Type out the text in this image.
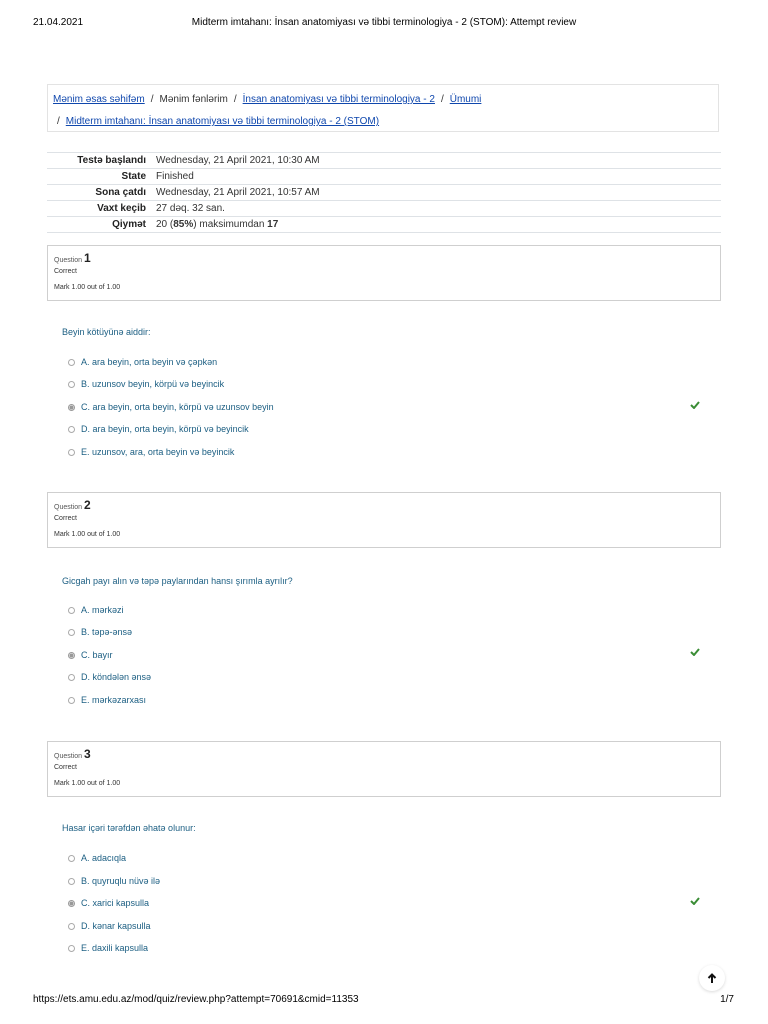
21.04.2021	Midterm imtahanı: İnsan anatomiyası və tibbi terminologiya - 2 (STOM): Attempt review
Mənim əsas səhifəm / Mənim fənlərim / İnsan anatomiyası və tibbi terminologiya - 2 / Ümumi
/ Midterm imtahanı: İnsan anatomiyası və tibbi terminologiya - 2 (STOM)
Testə başlandı	Wednesday, 21 April 2021, 10:30 AM
State	Finished
Sona çatdı	Wednesday, 21 April 2021, 10:57 AM
Vaxt keçib	27 dəq. 32 san.
Qiymət	20 (85%) maksimumdan 17
Question 1
Correct
Mark 1.00 out of 1.00
Beyin kötüyünə aiddir:
A. ara beyin, orta beyin və çəpkən
B. uzunsov beyin, körpü və beyincik
C. ara beyin, orta beyin, körpü və uzunsov beyin
D. ara beyin, orta beyin, körpü və beyincik
E. uzunsov, ara, orta beyin və beyincik
Question 2
Correct
Mark 1.00 out of 1.00
Gicgah payı alın və təpə paylarından hansı şırımla ayrılır?
A. mərkəzi
B. təpə-ənsə
C. bayır
D. köndələn ənsə
E. mərkəzarxası
Question 3
Correct
Mark 1.00 out of 1.00
Hasar içəri tərəfdən əhatə olunur:
A. adacıqla
B. quyruqlu nüvə ilə
C. xarici kapsulla
D. kənar kapsulla
E. daxili kapsulla
https://ets.amu.edu.az/mod/quiz/review.php?attempt=70691&cmid=11353	1/7
